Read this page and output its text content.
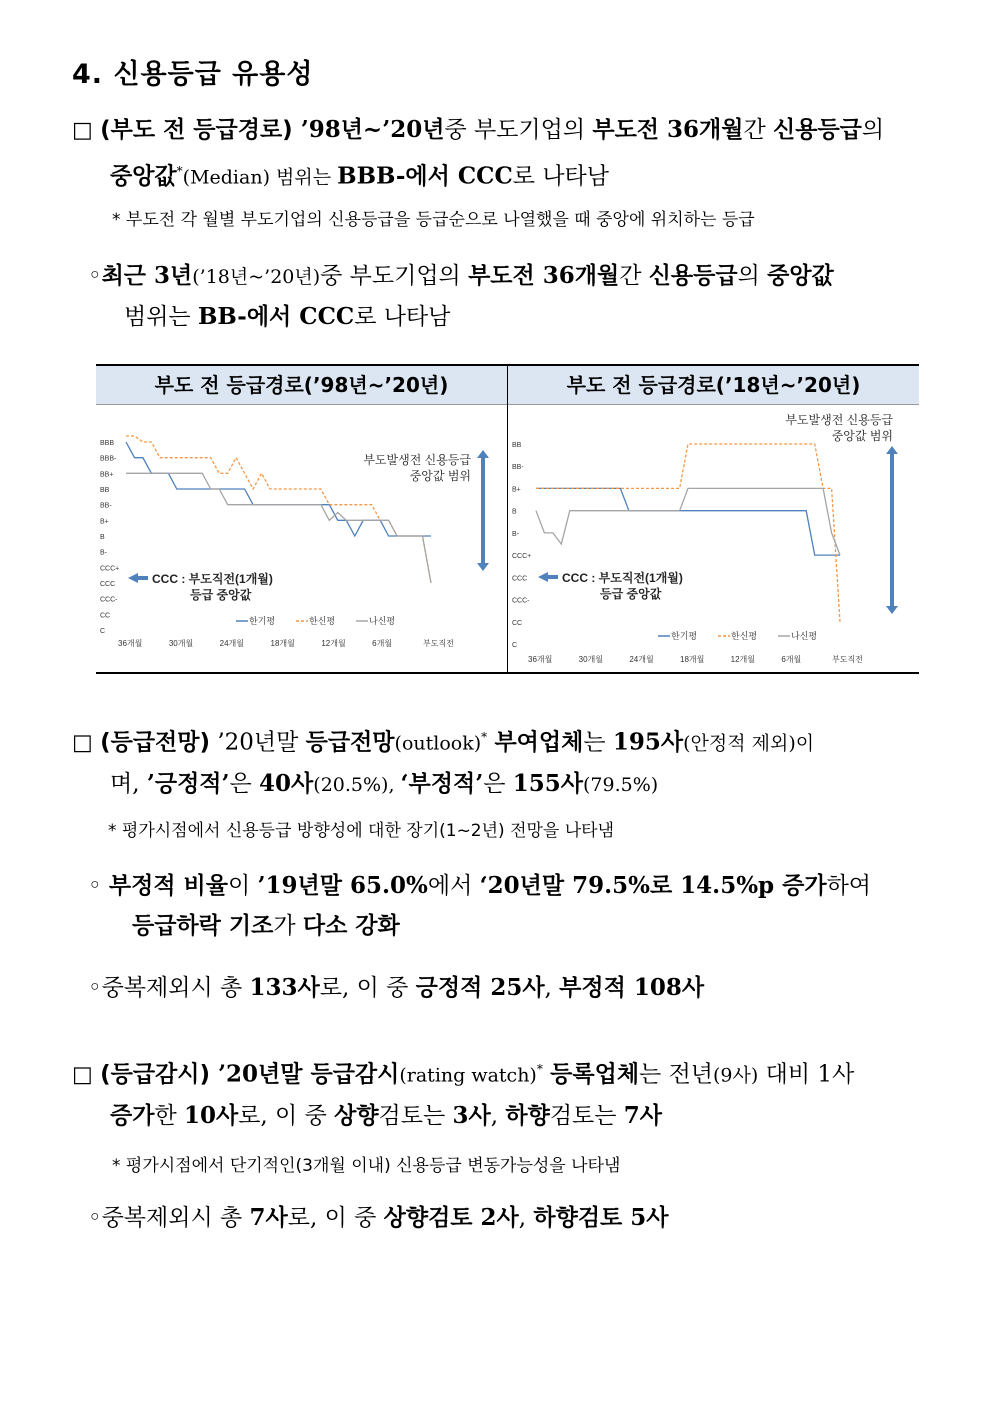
4. 신용등급 유용성
□ (부도 전 등급경로) ’98년~’20년중 부도기업의 부도전 36개월간 신용등급의
중앙값*(Median) 범위는 BBB-에서 CCC로 나타남
* 부도전 각 월별 부도기업의 신용등급을 등급순으로 나열했을 때 중앙에 위치하는 등급
◦최근 3년(’18년~’20년)중 부도기업의 부도전 36개월간 신용등급의 중앙값
범위는 BB-에서 CCC로 나타남
부도 전 등급경로(’98년~’20년)	부도 전 등급경로(’18년~’20년)
BBB
BBB-
BB+
BB
BB-
B+
B
B-
CCC+
CCC
CCC-
CC
C
36개월	30개월	24개월	18개월	12개월	6개월	부도직전
부도발생전 신용등급
중앙값 범위
CCC : 부도직전(1개월)
등급 중앙값
한기평	한신평	나신평
BB
BB-
B+
B
B-
CCC+
CCC
CCC-
CC
C
36개월	30개월	24개월	18개월	12개월	6개월	부도직전
부도발생전 신용등급
중앙값 범위
CCC : 부도직전(1개월)
등급 중앙값
한기평	한신평	나신평
□ (등급전망) ’20년말 등급전망(outlook)* 부여업체는 195사(안정적 제외)이
며, ’긍정적’은 40사(20.5%), ‘부정적’은 155사(79.5%)
* 평가시점에서 신용등급 방향성에 대한 장기(1~2년) 전망을 나타냄
◦ 부정적 비율이 ’19년말 65.0%에서 ‘20년말 79.5%로 14.5%p 증가하여
등급하락 기조가 다소 강화
◦중복제외시 총 133사로, 이 중 긍정적 25사, 부정적 108사
□ (등급감시) ’20년말 등급감시(rating watch)* 등록업체는 전년(9사) 대비 1사
증가한 10사로, 이 중 상향검토는 3사, 하향검토는 7사
* 평가시점에서 단기적인(3개월 이내) 신용등급 변동가능성을 나타냄
◦중복제외시 총 7사로, 이 중 상향검토 2사, 하향검토 5사
